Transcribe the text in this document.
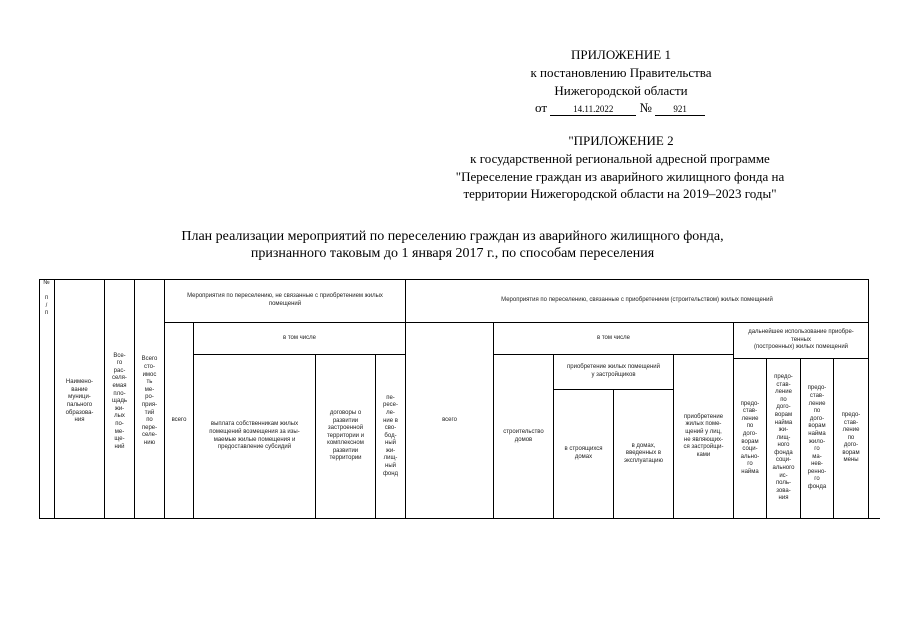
ПРИЛОЖЕНИЕ 1
к постановлению Правительства
Нижегородской области
от	14.11.2022 № 921
"ПРИЛОЖЕНИЕ 2
к государственной региональной адресной программе
"Переселение граждан из аварийного жилищного фонда на
территории Нижегородской области на 2019–2023 годы"
План реализации мероприятий по переселению граждан из аварийного жилищного фонда,
признанного таковым до 1 января 2017 г., по способам переселения
№

п
/
п
Наимено-
вание
муници-
пального
образова-
ния
Все-
го
рас-
селя-
емая
пло-
щадь
жи-
лых
по-
ме-
ще-
ний
Всего
сто-
имос
ть
ме-
ро-
прия-
тий
по
пере-
селе-
нию
Мероприятия по переселению, не связанные с приобретением жилых
помещений
Мероприятия по переселению, связанные с приобретением (строительством) жилых помещений
всего
в том числе
выплата собственникам жилых
помещений возмещения за изы-
маемые жилые помещения и
предоставление субсидий
договоры о
развитии
застроенной
территории и
комплексном
развитии
территории
пе-
ресе-
ле-
ние в
сво-
бод-
ный
жи-
лищ-
ный
фонд
всего
в том числе
строительство
домов
приобретение жилых помещений
у застройщиков
в строящихся
домах
в домах,
введенных в
эксплуатацию
приобретение
жилых поме-
щений у лиц,
не являющих-
ся застройщи-
ками
дальнейшее использование приобре-
тенных
(построенных) жилых помещений
предо-
став-
ление
по
дого-
ворам
соци-
ально-
го
найма
предо-
став-
ление
по
дого-
ворам
найма
жи-
лищ-
ного
фонда
соци-
ального
ис-
поль-
зова-
ния
предо-
став-
ление
по
дого-
ворам
найма
жило-
го
ма-
нев-
ренно-
го
фонда
предо-
став-
ление
по
дого-
ворам
мены
